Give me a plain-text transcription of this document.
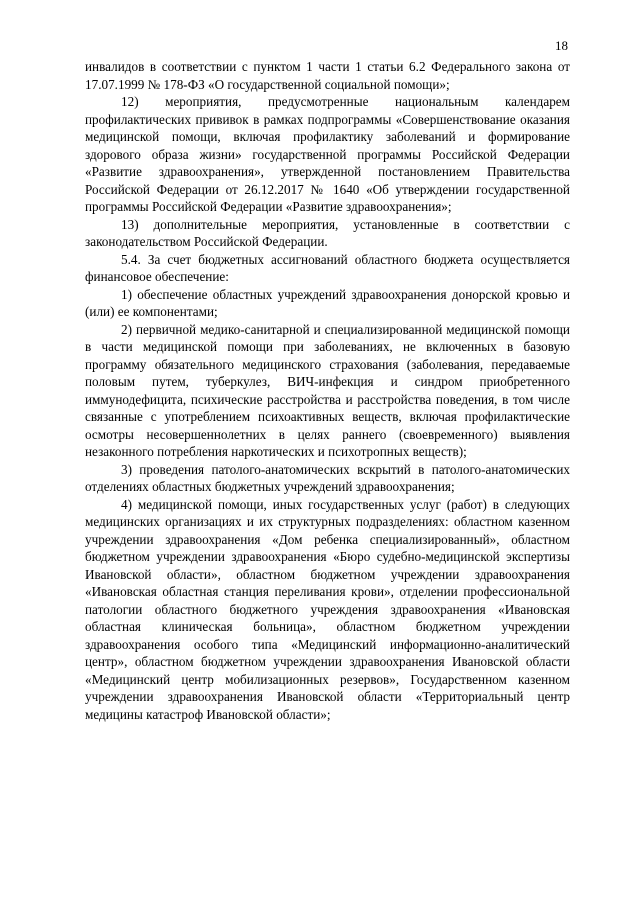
18

инвалидов в соответствии с пунктом 1 части 1 статьи 6.2 Федерального закона от 17.07.1999 № 178-ФЗ «О государственной социальной помощи»;

12) мероприятия, предусмотренные национальным календарем профилактических прививок в рамках подпрограммы «Совершенствование оказания медицинской помощи, включая профилактику заболеваний и формирование здорового образа жизни» государственной программы Российской Федерации «Развитие здравоохранения», утвержденной постановлением Правительства Российской Федерации от 26.12.2017 № 1640 «Об утверждении государственной программы Российской Федерации «Развитие здравоохранения»;

13) дополнительные мероприятия, установленные в соответствии с законодательством Российской Федерации.

5.4. За счет бюджетных ассигнований областного бюджета осуществляется финансовое обеспечение:

1) обеспечение областных учреждений здравоохранения донорской кровью и (или) ее компонентами;

2) первичной медико-санитарной и специализированной медицинской помощи в части медицинской помощи при заболеваниях, не включенных в базовую программу обязательного медицинского страхования (заболевания, передаваемые половым путем, туберкулез, ВИЧ-инфекция и синдром приобретенного иммунодефицита, психические расстройства и расстройства поведения, в том числе связанные с употреблением психоактивных веществ, включая профилактические осмотры несовершеннолетних в целях раннего (своевременного) выявления незаконного потребления наркотических и психотропных веществ);

3) проведения патолого-анатомических вскрытий в патолого-анатомических отделениях областных бюджетных учреждений здравоохранения;

4) медицинской помощи, иных государственных услуг (работ) в следующих медицинских организациях и их структурных подразделениях: областном казенном учреждении здравоохранения «Дом ребенка специализированный», областном бюджетном учреждении здравоохранения «Бюро судебно-медицинской экспертизы Ивановской области», областном бюджетном учреждении здравоохранения «Ивановская областная станция переливания крови», отделении профессиональной патологии областного бюджетного учреждения здравоохранения «Ивановская областная клиническая больница», областном бюджетном учреждении здравоохранения особого типа «Медицинский информационно-аналитический центр», областном бюджетном учреждении здравоохранения Ивановской области «Медицинский центр мобилизационных резервов», Государственном казенном учреждении здравоохранения Ивановской области «Территориальный центр медицины катастроф Ивановской области»;
